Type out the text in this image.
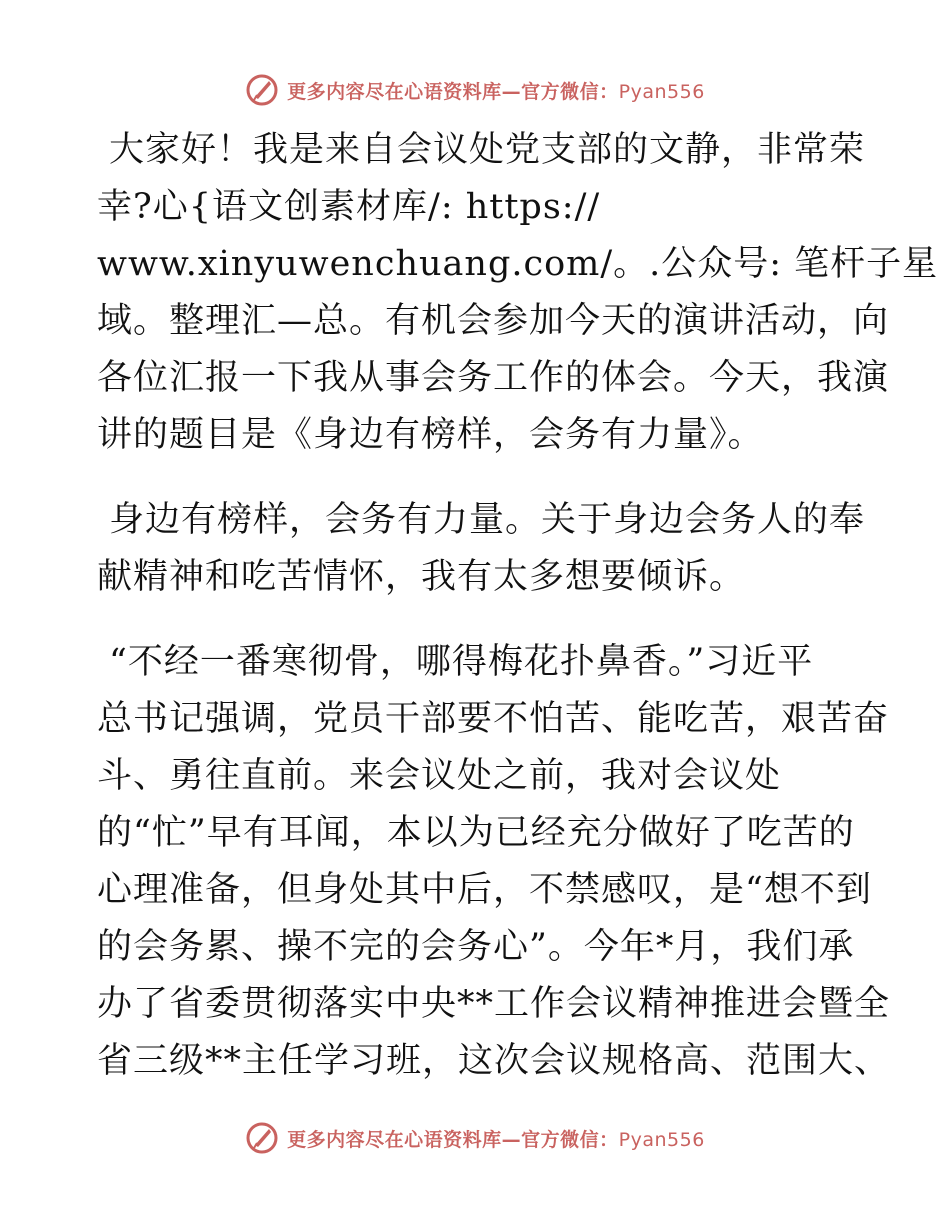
更多内容尽在心语资料库—官方微信：Pyan556
大家好！我是来自会议处党支部的文静，非常荣
幸?心{语文创素材库/: https://
www.xinyuwenchuang.com/。.公众号: 笔杆子星
域。整理汇—总。有机会参加今天的演讲活动，向
各位汇报一下我从事会务工作的体会。今天，我演
讲的题目是《身边有榜样，会务有力量》。
身边有榜样，会务有力量。关于身边会务人的奉
献精神和吃苦情怀，我有太多想要倾诉。
“不经一番寒彻骨，哪得梅花扑鼻香。”习近平
总书记强调，党员干部要不怕苦、能吃苦，艰苦奋
斗、勇往直前。来会议处之前，我对会议处
的“忙”早有耳闻，本以为已经充分做好了吃苦的
心理准备，但身处其中后，不禁感叹，是“想不到
的会务累、操不完的会务心”。今年*月，我们承
办了省委贯彻落实中央**工作会议精神推进会暨全
省三级**主任学习班，这次会议规格高、范围大、
更多内容尽在心语资料库—官方微信：Pyan556
